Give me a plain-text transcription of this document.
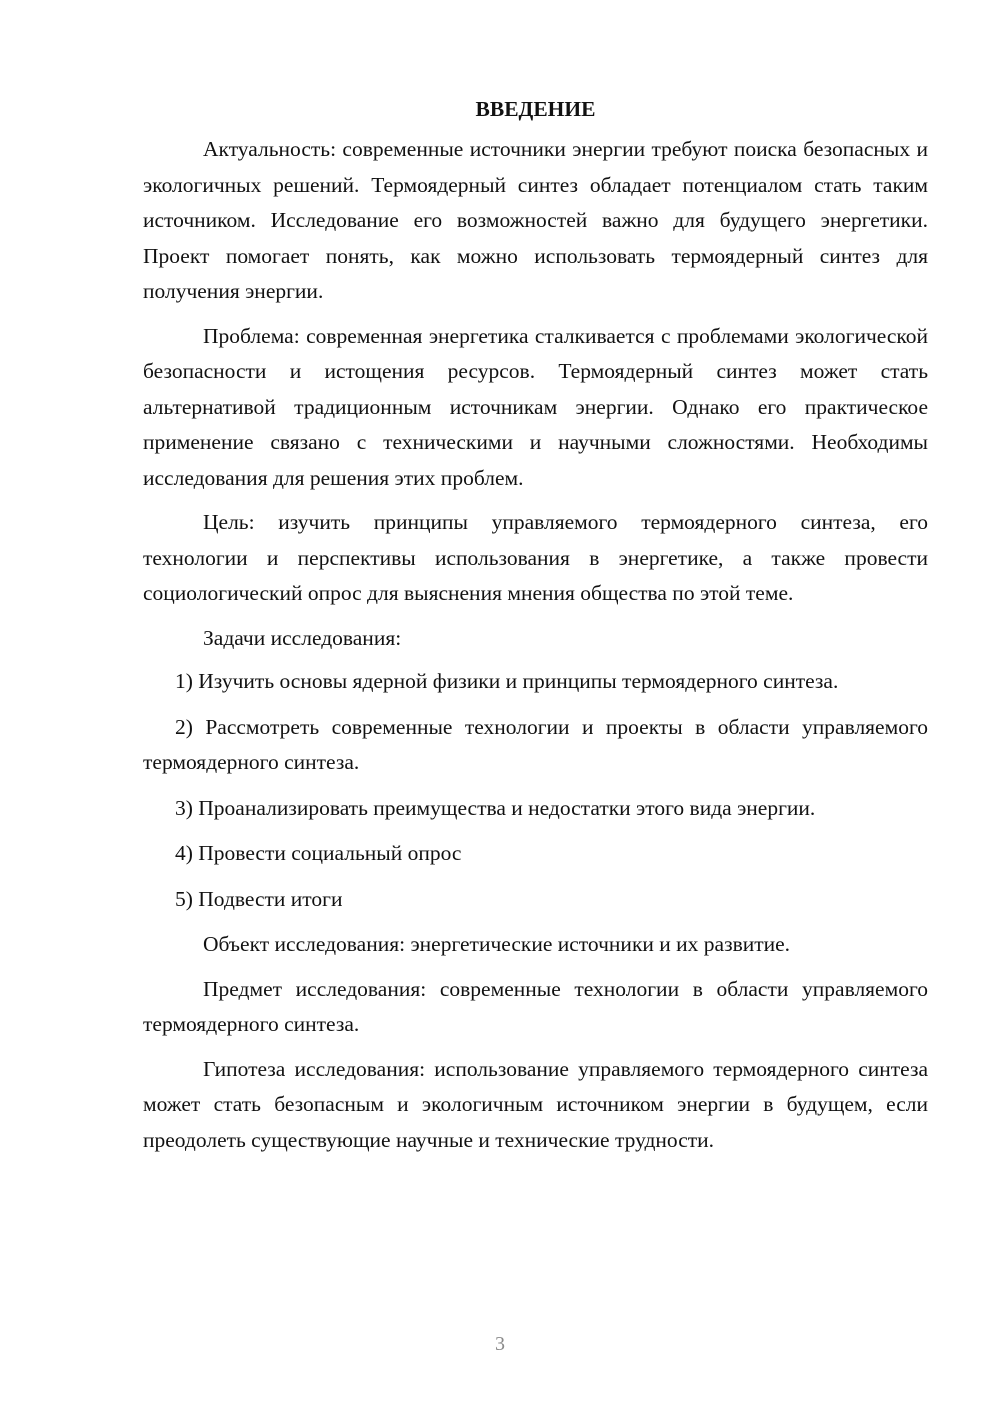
ВВЕДЕНИЕ

Актуальность: современные источники энергии требуют поиска безопасных и экологичных решений. Термоядерный синтез обладает потенциалом стать таким источником. Исследование его возможностей важно для будущего энергетики. Проект помогает понять, как можно использовать термоядерный синтез для получения энергии.

Проблема: современная энергетика сталкивается с проблемами экологической безопасности и истощения ресурсов. Термоядерный синтез может стать альтернативой традиционным источникам энергии. Однако его практическое применение связано с техническими и научными сложностями. Необходимы исследования для решения этих проблем.

Цель: изучить принципы управляемого термоядерного синтеза, его технологии и перспективы использования в энергетике, а также провести социологический опрос для выяснения мнения общества по этой теме.

Задачи исследования:

1) Изучить основы ядерной физики и принципы термоядерного синтеза.

2) Рассмотреть современные технологии и проекты в области управляемого термоядерного синтеза.

3) Проанализировать преимущества и недостатки этого вида энергии.

4) Провести социальный опрос

5) Подвести итоги

Объект исследования: энергетические источники и их развитие.

Предмет исследования: современные технологии в области управляемого термоядерного синтеза.

Гипотеза исследования: использование управляемого термоядерного синтеза может стать безопасным и экологичным источником энергии в будущем, если преодолеть существующие научные и технические трудности.

3
